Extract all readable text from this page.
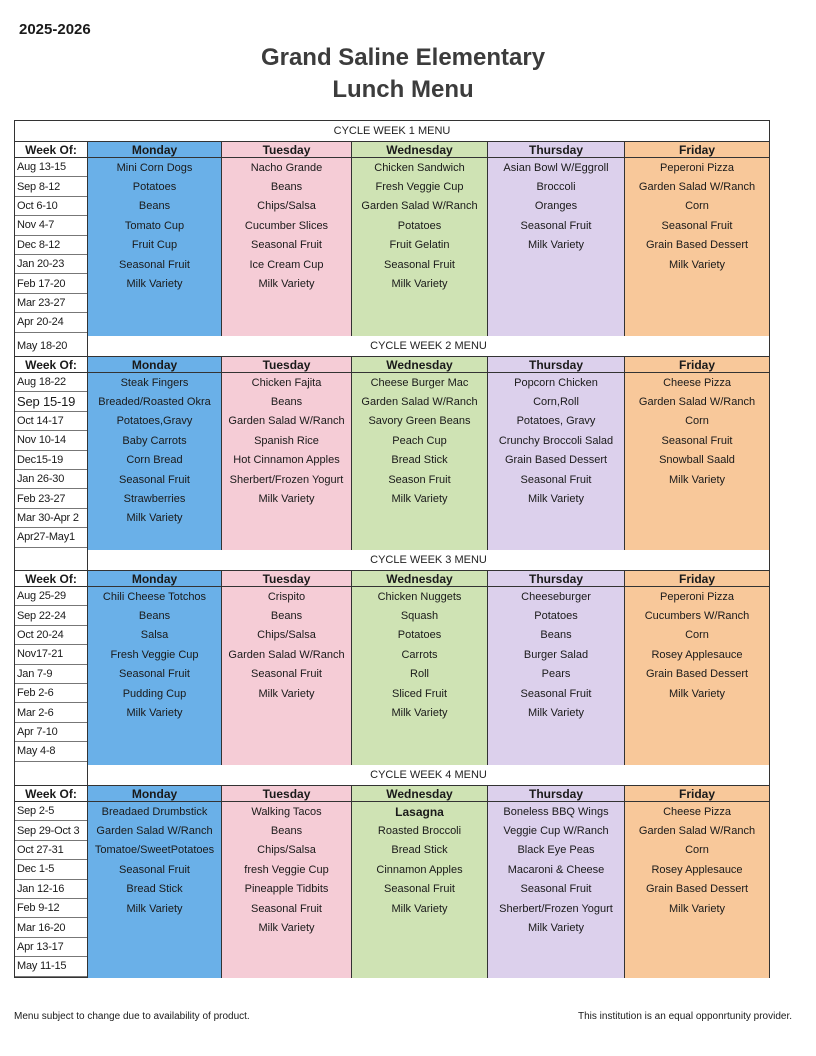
2025-2026
Grand Saline Elementary
Lunch Menu
CYCLE WEEK 1 MENU
Week Of:
Aug 13-15
Sep 8-12
Oct 6-10
Nov 4-7
Dec 8-12
Jan 20-23
Feb 17-20
Mar 23-27
Apr 20-24
May 18-20
Monday
Mini Corn Dogs
Potatoes
Beans
Tomato Cup
Fruit Cup
Seasonal Fruit
Milk Variety
Tuesday
Nacho Grande
Beans
Chips/Salsa
Cucumber Slices
Seasonal Fruit
Ice Cream Cup
Milk Variety
Wednesday
Chicken Sandwich
Fresh Veggie Cup
Garden Salad W/Ranch
Potatoes
Fruit Gelatin
Seasonal Fruit
Milk Variety
Thursday
Asian Bowl W/Eggroll
Broccoli
Oranges
Seasonal Fruit
Milk Variety
Friday
Peperoni Pizza
Garden Salad W/Ranch
Corn
Seasonal Fruit
Grain Based Dessert
Milk Variety
CYCLE WEEK 2 MENU
Week Of:
Aug 18-22
Sep 15-19
Oct 14-17
Nov 10-14
Dec15-19
Jan 26-30
Feb 23-27
Mar 30-Apr 2
Apr27-May1
Monday
Steak Fingers
Breaded/Roasted Okra
Potatoes,Gravy
Baby Carrots
Corn Bread
Seasonal Fruit
Strawberries
Milk Variety
Tuesday
Chicken Fajita
Beans
Garden Salad W/Ranch
Spanish Rice
Hot Cinnamon Apples
Sherbert/Frozen Yogurt
Milk Variety
Wednesday
Cheese Burger Mac
Garden Salad W/Ranch
Savory Green Beans
Peach Cup
Bread Stick
Season Fruit
Milk Variety
Thursday
Popcorn Chicken
Corn,Roll
Potatoes, Gravy
Crunchy Broccoli Salad
Grain Based Dessert
Seasonal Fruit
Milk Variety
Friday
Cheese Pizza
Garden Salad W/Ranch
Corn
Seasonal Fruit
Snowball Saald
Milk Variety
CYCLE WEEK 3 MENU
Week Of:
Aug 25-29
Sep 22-24
Oct 20-24
Nov17-21
Jan 7-9
Feb 2-6
Mar 2-6
Apr 7-10
May 4-8
Monday
Chili Cheese Totchos
Beans
Salsa
Fresh Veggie Cup
Seasonal Fruit
Pudding Cup
Milk Variety
Tuesday
Crispito
Beans
Chips/Salsa
Garden Salad W/Ranch
Seasonal Fruit
Milk Variety
Wednesday
Chicken Nuggets
Squash
Potatoes
Carrots
Roll
Sliced Fruit
Milk Variety
Thursday
Cheeseburger
Potatoes
Beans
Burger Salad
Pears
Seasonal Fruit
Milk Variety
Friday
Peperoni Pizza
Cucumbers W/Ranch
Corn
Rosey Applesauce
Grain Based Dessert
Milk Variety
CYCLE WEEK 4 MENU
Week Of:
Sep 2-5
Sep 29-Oct 3
Oct 27-31
Dec 1-5
Jan 12-16
Feb 9-12
Mar 16-20
Apr 13-17
May 11-15
Monday
Breadaed Drumbstick
Garden Salad W/Ranch
Tomatoe/SweetPotatoes
Seasonal Fruit
Bread Stick
Milk Variety
Tuesday
Walking Tacos
Beans
Chips/Salsa
fresh Veggie Cup
Pineapple Tidbits
Seasonal Fruit
Milk Variety
Wednesday
Lasagna
Roasted Broccoli
Bread Stick
Cinnamon Apples
Seasonal Fruit
Milk Variety
Thursday
Boneless BBQ Wings
Veggie Cup W/Ranch
Black Eye Peas
Macaroni & Cheese
Seasonal Fruit
Sherbert/Frozen Yogurt
Milk Variety
Friday
Cheese Pizza
Garden Salad W/Ranch
Corn
Rosey Applesauce
Grain Based Dessert
Milk Variety
Menu subject to change due to availability of product.	This institution is an equal opponrtunity provider.
